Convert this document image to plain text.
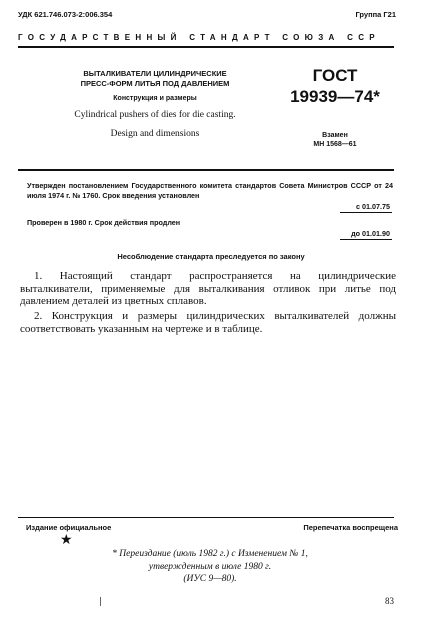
УДК 621.746.073-2:006.354	Группа Г21
ГОСУДАРСТВЕННЫЙ СТАНДАРТ СОЮЗА ССР
ВЫТАЛКИВАТЕЛИ ЦИЛИНДРИЧЕСКИЕ
ПРЕСС-ФОРМ ЛИТЬЯ ПОД ДАВЛЕНИЕМ
Конструкция и размеры
Cylindrical pushers of dies for die casting.
Design and dimensions
ГОСТ
19939—74*
Взамен
МН 1568—61
Утвержден постановлением Государственного комитета стандартов Совета Министров СССР от 24 июля 1974 г. № 1760. Срок введения установлен
с 01.07.75
Проверен в 1980 г. Срок действия продлен
до 01.01.90
Несоблюдение стандарта преследуется по закону
1. Настоящий стандарт распространяется на цилиндрические выталкиватели, применяемые для выталкивания отливок при литье под давлением деталей из цветных сплавов.
2. Конструкция и размеры цилиндрических выталкивателей должны соответствовать указанным на чертеже и в таблице.
Издание официальное	Перепечатка воспрещена
★
* Переиздание (июль 1982 г.) с Изменением № 1,
утвержденным в июле 1980 г.
(ИУС 9—80).
83
